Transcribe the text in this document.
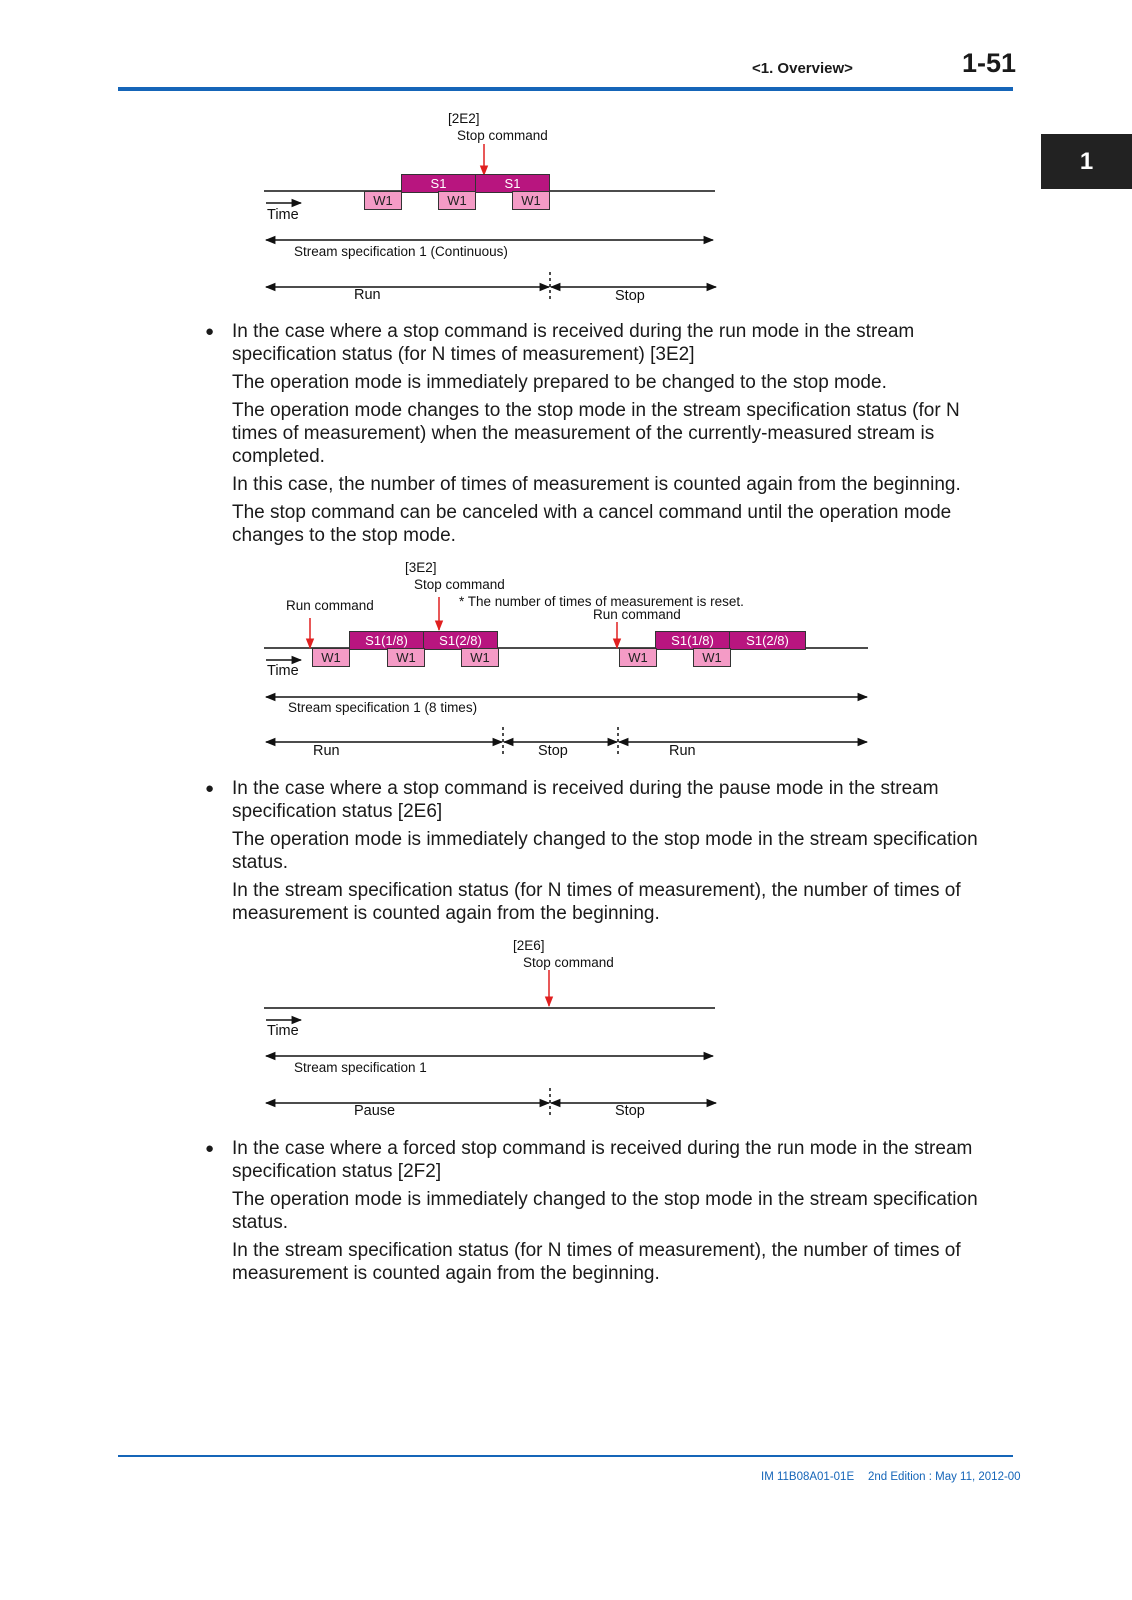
<1. Overview>	1-51
1
[2E2]
Stop command
S1	S1
W1	W1	W1
Time
Stream specification 1 (Continuous)
Run	Stop
● In the case where a stop command is received during the run mode in the stream specification status (for N times of measurement) [3E2]

The operation mode is immediately prepared to be changed to the stop mode.

The operation mode changes to the stop mode in the stream specification status (for N times of measurement) when the measurement of the currently-measured stream is completed.

In this case, the number of times of measurement is counted again from the beginning.

The stop command can be canceled with a cancel command until the operation mode changes to the stop mode.

[3E2]
Stop command
* The number of times of measurement is reset.
Run command
Run command
S1(1/8)	S1(2/8)	S1(1/8)	S1(2/8)
W1	W1	W1	W1	W1
Time
Stream specification 1 (8 times)
Run	Stop	Run
● In the case where a stop command is received during the pause mode in the stream specification status [2E6]

The operation mode is immediately changed to the stop mode in the stream specification status.

In the stream specification status (for N times of measurement), the number of times of measurement is counted again from the beginning.

[2E6]
Stop command
Time
Stream specification 1
Pause	Stop
● In the case where a forced stop command is received during the run mode in the stream specification status [2F2]

The operation mode is immediately changed to the stop mode in the stream specification status.

In the stream specification status (for N times of measurement), the number of times of measurement is counted again from the beginning.

IM 11B08A01-01E 2nd Edition : May 11, 2012-00
